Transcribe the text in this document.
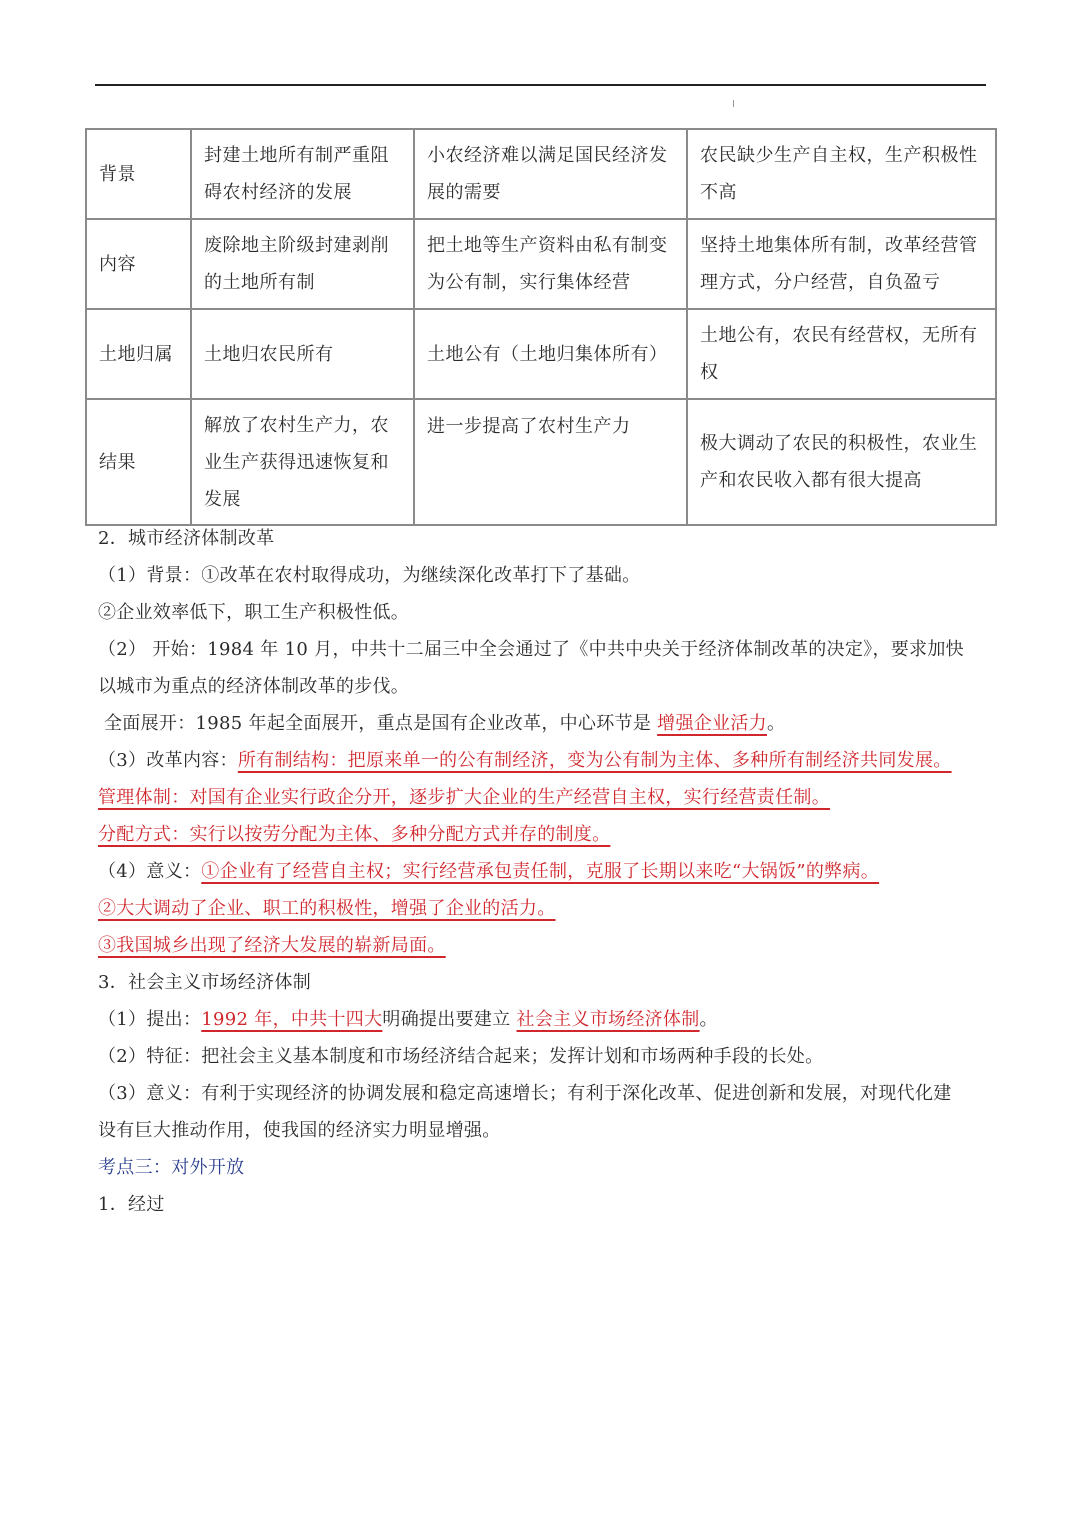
背景	封建土地所有制严重阻碍农村经济的发展	小农经济难以满足国民经济发展的需要	农民缺少生产自主权，生产积极性不高
内容	废除地主阶级封建剥削的土地所有制	把土地等生产资料由私有制变为公有制，实行集体经营	坚持土地集体所有制，改革经营管理方式，分户经营，自负盈亏
土地归属	土地归农民所有	土地公有（土地归集体所有）	土地公有，农民有经营权，无所有权
结果	解放了农村生产力，农业生产获得迅速恢复和发展	进一步提高了农村生产力	极大调动了农民的积极性，农业生产和农民收入都有很大提高
2．城市经济体制改革
（1）背景：①改革在农村取得成功，为继续深化改革打下了基础。
②企业效率低下，职工生产积极性低。
（2） 开始：1984 年 10 月，中共十二届三中全会通过了《中共中央关于经济体制改革的决定》，要求加快
以城市为重点的经济体制改革的步伐。
全面展开：1985 年起全面展开，重点是国有企业改革，中心环节是 增强企业活力。
（3）改革内容：所有制结构：把原来单一的公有制经济，变为公有制为主体、多种所有制经济共同发展。
管理体制：对国有企业实行政企分开，逐步扩大企业的生产经营自主权，实行经营责任制。
分配方式：实行以按劳分配为主体、多种分配方式并存的制度。
（4）意义：①企业有了经营自主权；实行经营承包责任制，克服了长期以来吃“大锅饭”的弊病。
②大大调动了企业、职工的积极性，增强了企业的活力。
③我国城乡出现了经济大发展的崭新局面。
3．社会主义市场经济体制
（1）提出：1992 年，中共十四大明确提出要建立 社会主义市场经济体制。
（2）特征：把社会主义基本制度和市场经济结合起来；发挥计划和市场两种手段的长处。
（3）意义：有利于实现经济的协调发展和稳定高速增长；有利于深化改革、促进创新和发展，对现代化建
设有巨大推动作用，使我国的经济实力明显增强。
考点三：对外开放
1．经过
